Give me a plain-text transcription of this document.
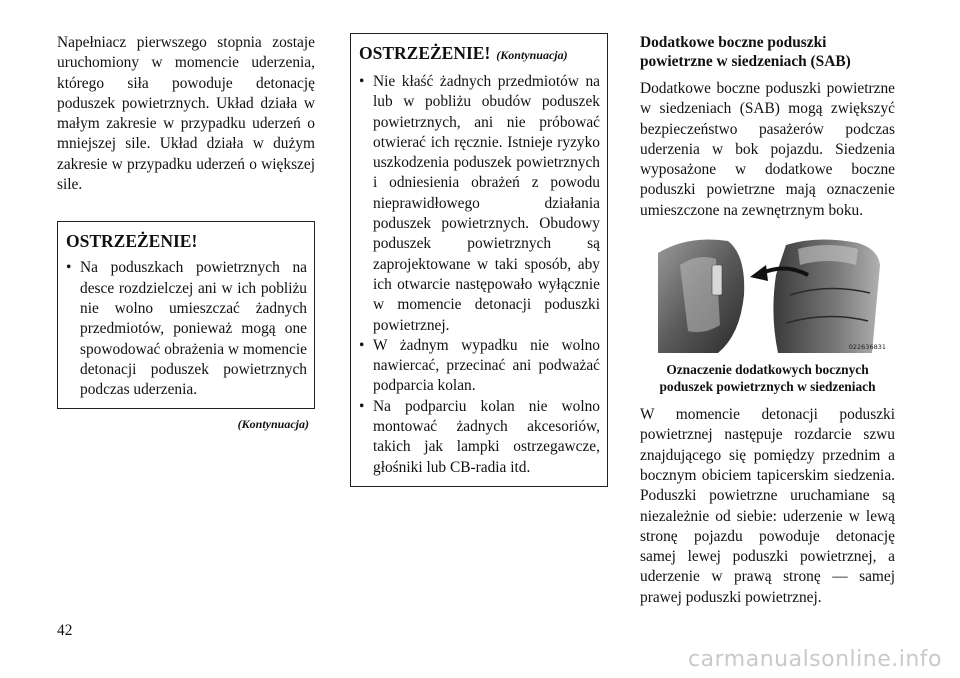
Napełniacz pierwszego stopnia zostaje uruchomiony w momencie uderzenia, którego siła powoduje detonację poduszek powietrznych. Układ działa w małym zakresie w przypadku uderzeń o mniejszej sile. Układ działa w dużym zakresie w przypadku uderzeń o większej sile.

OSTRZEŻENIE!
• Na poduszkach powietrznych na desce rozdzielczej ani w ich pobliżu nie wolno umieszczać żadnych przedmiotów, ponieważ mogą one spowodować obrażenia w momencie detonacji poduszek powietrznych podczas uderzenia.
(Kontynuacja)
OSTRZEŻENIE! (Kontynuacja)
• Nie kłaść żadnych przedmiotów na lub w pobliżu obudów poduszek powietrznych, ani nie próbować otwierać ich ręcznie. Istnieje ryzyko uszkodzenia poduszek powietrznych i odniesienia obrażeń z powodu nieprawidłowego działania poduszek powietrznych. Obudowy poduszek powietrznych są zaprojektowane w taki sposób, aby ich otwarcie następowało wyłącznie w momencie detonacji poduszki powietrznej.
• W żadnym wypadku nie wolno nawiercać, przecinać ani podważać podparcia kolan.
• Na podparciu kolan nie wolno montować żadnych akcesoriów, takich jak lampki ostrzegawcze, głośniki lub CB-radia itd.
Dodatkowe boczne poduszki powietrzne w siedzeniach (SAB)

Dodatkowe boczne poduszki powietrzne w siedzeniach (SAB) mogą zwiększyć bezpieczeństwo pasażerów podczas uderzenia w bok pojazdu. Siedzenia wyposażone w dodatkowe boczne poduszki powietrzne mają oznaczenie umieszczone na zewnętrznym boku.

022636831
Oznaczenie dodatkowych bocznych poduszek powietrznych w siedzeniach

W momencie detonacji poduszki powietrznej następuje rozdarcie szwu znajdującego się pomiędzy przednim a bocznym obiciem tapicerskim siedzenia. Poduszki powietrzne uruchamiane są niezależnie od siebie: uderzenie w lewą stronę pojazdu powoduje detonację samej lewej poduszki powietrznej, a uderzenie w prawą stronę — samej prawej poduszki powietrznej.

42
carmanualsonline.info
